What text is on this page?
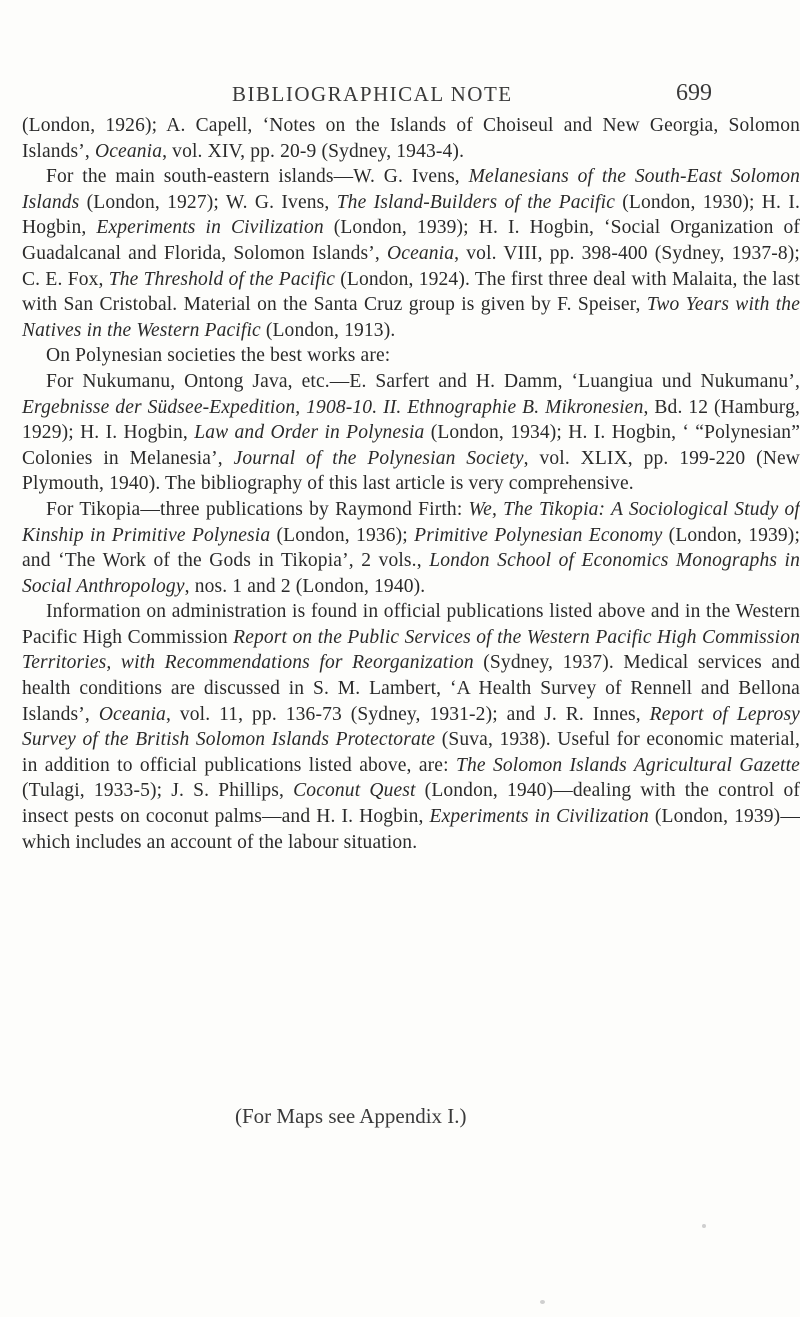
BIBLIOGRAPHICAL NOTE	699

(London, 1926); A. Capell, ‘Notes on the Islands of Choiseul and New Georgia, Solomon Islands’, Oceania, vol. XIV, pp. 20-9 (Sydney, 1943-4).

For the main south-eastern islands—W. G. Ivens, Melanesians of the South-East Solomon Islands (London, 1927); W. G. Ivens, The Island-Builders of the Pacific (London, 1930); H. I. Hogbin, Experiments in Civilization (London, 1939); H. I. Hogbin, ‘Social Organization of Guadalcanal and Florida, Solomon Islands’, Oceania, vol. VIII, pp. 398-400 (Sydney, 1937-8); C. E. Fox, The Threshold of the Pacific (London, 1924). The first three deal with Malaita, the last with San Cristobal. Material on the Santa Cruz group is given by F. Speiser, Two Years with the Natives in the Western Pacific (London, 1913).

On Polynesian societies the best works are:

For Nukumanu, Ontong Java, etc.—E. Sarfert and H. Damm, ‘Luangiua und Nukumanu’, Ergebnisse der Südsee-Expedition, 1908-10. II. Ethnographie B. Mikronesien, Bd. 12 (Hamburg, 1929); H. I. Hogbin, Law and Order in Polynesia (London, 1934); H. I. Hogbin, ‘ “Polynesian” Colonies in Melanesia’, Journal of the Polynesian Society, vol. XLIX, pp. 199-220 (New Plymouth, 1940). The bibliography of this last article is very comprehensive.

For Tikopia—three publications by Raymond Firth: We, The Tikopia: A Sociological Study of Kinship in Primitive Polynesia (London, 1936); Primitive Polynesian Economy (London, 1939); and ‘The Work of the Gods in Tikopia’, 2 vols., London School of Economics Monographs in Social Anthropology, nos. 1 and 2 (London, 1940).

Information on administration is found in official publications listed above and in the Western Pacific High Commission Report on the Public Services of the Western Pacific High Commission Territories, with Recommendations for Reorganization (Sydney, 1937). Medical services and health conditions are discussed in S. M. Lambert, ‘A Health Survey of Rennell and Bellona Islands’, Oceania, vol. 11, pp. 136-73 (Sydney, 1931-2); and J. R. Innes, Report of Leprosy Survey of the British Solomon Islands Protectorate (Suva, 1938). Useful for economic material, in addition to official publications listed above, are: The Solomon Islands Agricultural Gazette (Tulagi, 1933-5); J. S. Phillips, Coconut Quest (London, 1940)—dealing with the control of insect pests on coconut palms—and H. I. Hogbin, Experiments in Civilization (London, 1939)—which includes an account of the labour situation.

(For Maps see Appendix I.)
